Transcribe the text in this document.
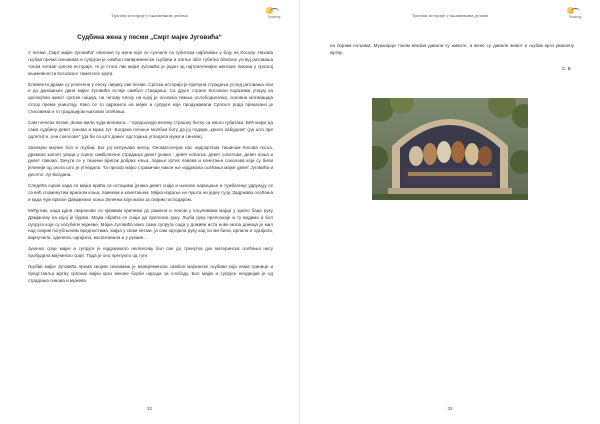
Трагови историје у књижевним делима	Teaching
Судбина жена у песми „Смрт мајке Југовића“

У песми „Смрт мајке Југовића“ описане су жене које се суочиле са губитком најближих у боју на Косову. Нихова љубав према синовима и супрузи је симбол ванвременске љубави и патње због губитка блиских услед ратовања током читаве српске историје, те је стога лик мајке Југовића је један од најтрагичнијих женских ликова у српској књижевности Косовског тематског круга.

Елементи драме су уплетени у епску лирику ове песме. Српска историја је препуна страдања услед ратовања али и до данашњих дана мајке Југовића остаје симбол страдања. Са друге стране Косовски поразима утицај на целокупан живот српске нација, на читаву епоху на којој је основна тежња ослободилачка, основна мотивација отпор према уништају. Како се то одразило на мајке и супруге које продужавали Српског рода приказано је стиховима и то градацијом њихових осећања.

Сам почетак песме „Боже мили чуда великога...“ предсказује велику страшну битку са много губитака. Већ мајке да сама судбину девет синова и мужа Југ- Богдана почиње молбом богу да јој подари „крила лабудова“ (да што пре одлети) и „очи соколове“ (да би са што дањег одстојања угледала мужа и синове).

Значајни мајчин бол и љубав, Бог јој испуњава жељу. Ономатопејом нас надсвртком тишином Косова поља, драмски заплет уводи у сцену симболичне страдања девет јунака - девет копаља, девет соколова, девет коња и девет лавова. Зачути се у тишини врисак добрих коња, лајање хртих лавова и клинтање соколова који су били јелинији од онога што је угледала. Та призор мајко стравичан након ње издржала осећања мајке девет Југовића и десетог Југ-Богдана.

Следећа сцена када се мајка враћа са остацима јунака девет снаја и њихово нарицање и тужбалице удружују се са већ споменутим вриском коња, лавеком и клинтањем. Мајка издаље не пушта ни једну сузу. Задржава осећања и када чује вриске Дамјановог коња Зеленка који жали за својим господаром.

Међутим, када црни гавранови са крвавим крилима до рамена и пеном у кљуновима мајци у крило баце руку Дамјанову на којој је бурма. Мајка обраћа се снаји да препозна руку. Љуба руку препознаје и ту видимо и бол супруга који су изгубиле мужеве. Мајка Југовића иако сама супруга сада у доживи иста нове мола даница је мил над својим погубљеним вредностима, мајка у свом песми, ја сам одгојила руку кад си ми била, врлила и одгајила, варнучила, оделила, одгајила, васпитавала и у рукаве...

Јуначко срце мајке и супруге је издржавало неописиву бол све до тренутка док материнска осећања нису пробудила мајчинско срце. Тада је оно препукло од туге.

Љубав мајке Југовића према својим синовима је ванвременски симбол мајчинске љубави која нема границе и представља жртву српских мајки кроз векове борбе народа за слободу. Бол мајке и супруге неодвојив је од страдања синова и мужева

32
Трагови историје у књижевним делима	Teaching

на бојним пољима. Мушкарци током векова давали су животе, а жене су давале живот и љубав кроз увишену жртву.

С. Б.
33
